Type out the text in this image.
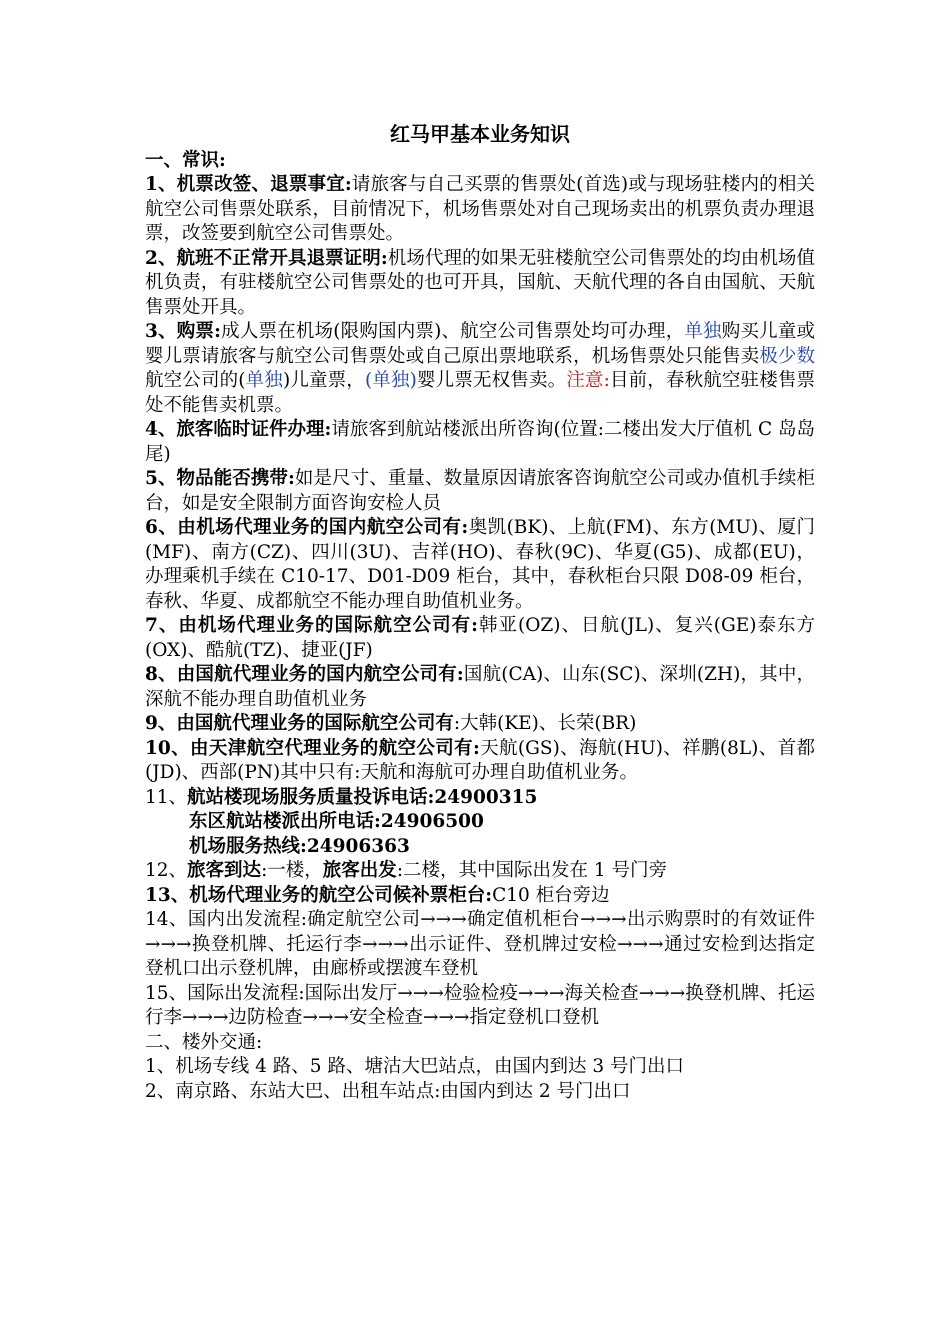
红马甲基本业务知识

一、常识:

1、机票改签、退票事宜:请旅客与自己买票的售票处(首选)或与现场驻楼内的相关航空公司售票处联系，目前情况下，机场售票处对自己现场卖出的机票负责办理退票，改签要到航空公司售票处。

2、航班不正常开具退票证明:机场代理的如果无驻楼航空公司售票处的均由机场值机负责，有驻楼航空公司售票处的也可开具，国航、天航代理的各自由国航、天航售票处开具。

3、购票:成人票在机场(限购国内票)、航空公司售票处均可办理，单独购买儿童或婴儿票请旅客与航空公司售票处或自己原出票地联系，机场售票处只能售卖极少数航空公司的(单独)儿童票，(单独)婴儿票无权售卖。注意:目前，春秋航空驻楼售票处不能售卖机票。

4、旅客临时证件办理:请旅客到航站楼派出所咨询(位置:二楼出发大厅值机 C 岛岛尾)

5、物品能否携带:如是尺寸、重量、数量原因请旅客咨询航空公司或办值机手续柜台，如是安全限制方面咨询安检人员

6、由机场代理业务的国内航空公司有:奥凯(BK)、上航(FM)、东方(MU)、厦门(MF)、南方(CZ)、四川(3U)、吉祥(HO)、春秋(9C)、华夏(G5)、成都(EU)，办理乘机手续在 C10-17、D01-D09 柜台，其中，春秋柜台只限 D08-09 柜台，春秋、华夏、成都航空不能办理自助值机业务。

7、由机场代理业务的国际航空公司有:韩亚(OZ)、日航(JL)、复兴(GE)泰东方(OX)、酷航(TZ)、捷亚(JF)

8、由国航代理业务的国内航空公司有:国航(CA)、山东(SC)、深圳(ZH)，其中，深航不能办理自助值机业务

9、由国航代理业务的国际航空公司有:大韩(KE)、长荣(BR)

10、由天津航空代理业务的航空公司有:天航(GS)、海航(HU)、祥鹏(8L)、首都(JD)、西部(PN)其中只有:天航和海航可办理自助值机业务。

11、航站楼现场服务质量投诉电话:24900315

东区航站楼派出所电话:24906500

机场服务热线:24906363

12、旅客到达:一楼，旅客出发:二楼，其中国际出发在 1 号门旁

13、机场代理业务的航空公司候补票柜台:C10 柜台旁边

14、国内出发流程:确定航空公司→→→确定值机柜台→→→出示购票时的有效证件→→→换登机牌、托运行李→→→出示证件、登机牌过安检→→→通过安检到达指定登机口出示登机牌，由廊桥或摆渡车登机

15、国际出发流程:国际出发厅→→→检验检疫→→→海关检查→→→换登机牌、托运行李→→→边防检查→→→安全检查→→→指定登机口登机

二、楼外交通:

1、机场专线 4 路、5 路、塘沽大巴站点，由国内到达 3 号门出口

2、南京路、东站大巴、出租车站点:由国内到达 2 号门出口
